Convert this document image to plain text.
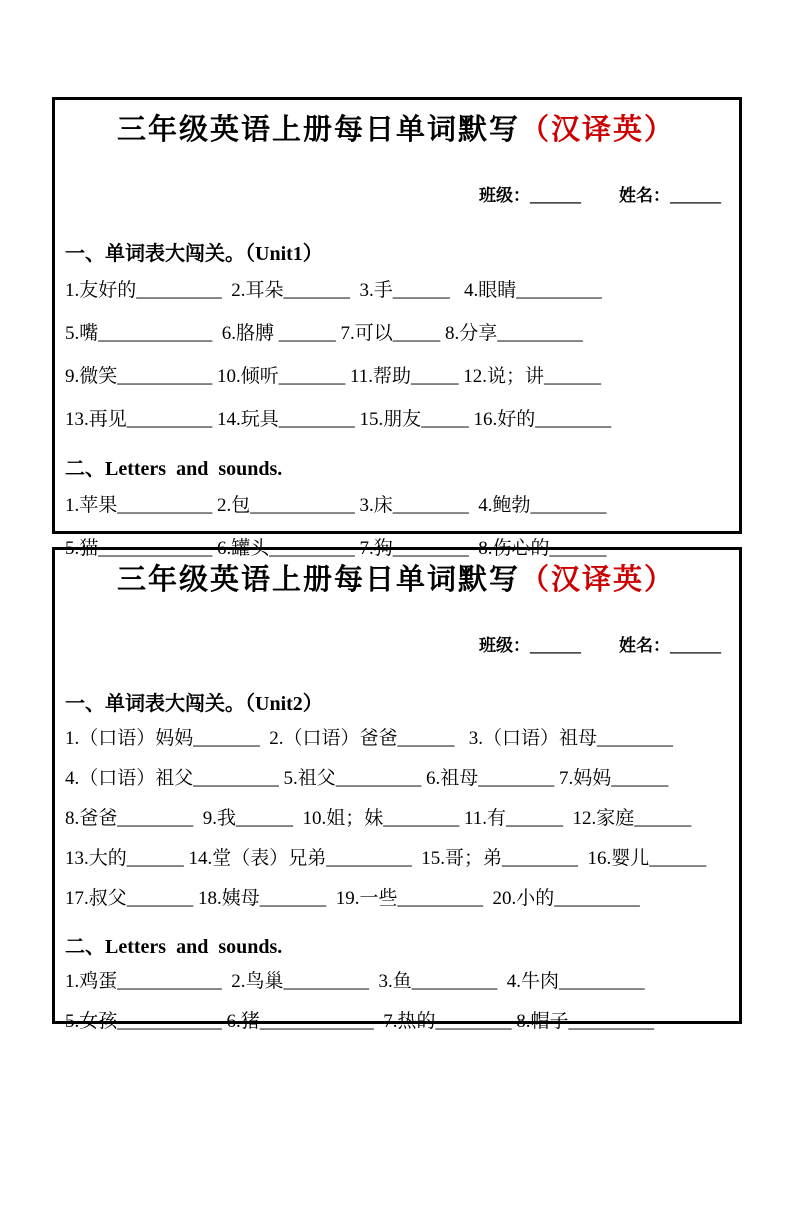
三年级英语上册每日单词默写（汉译英）

班级：______ 姓名：______

一、单词表大闯关。（Unit1）
1.友好的_________  2.耳朵_______  3.手______   4.眼睛_________
5.嘴____________  6.胳膊 ______ 7.可以_____ 8.分享_________
9.微笑__________ 10.倾听_______ 11.帮助_____ 12.说；讲______
13.再见_________ 14.玩具________ 15.朋友_____ 16.好的________
二、Letters  and  sounds.
1.苹果__________ 2.包___________ 3.床________  4.鲍勃________
5.猫____________ 6.罐头_________ 7.狗________  8.伤心的______
三年级英语上册每日单词默写（汉译英）

班级：______ 姓名：______

一、单词表大闯关。（Unit2）
1.（口语）妈妈_______  2.（口语）爸爸______   3.（口语）祖母________
4.（口语）祖父_________ 5.祖父_________ 6.祖母________ 7.妈妈______
8.爸爸________  9.我______  10.姐；妹________ 11.有______  12.家庭______
13.大的______ 14.堂（表）兄弟_________  15.哥；弟________  16.婴儿______
17.叔父_______ 18.姨母_______  19.一些_________  20.小的_________
二、Letters  and  sounds.
1.鸡蛋___________  2.鸟巢_________  3.鱼_________  4.牛肉_________
5.女孩___________ 6.猪____________  7.热的________ 8.帽子_________
